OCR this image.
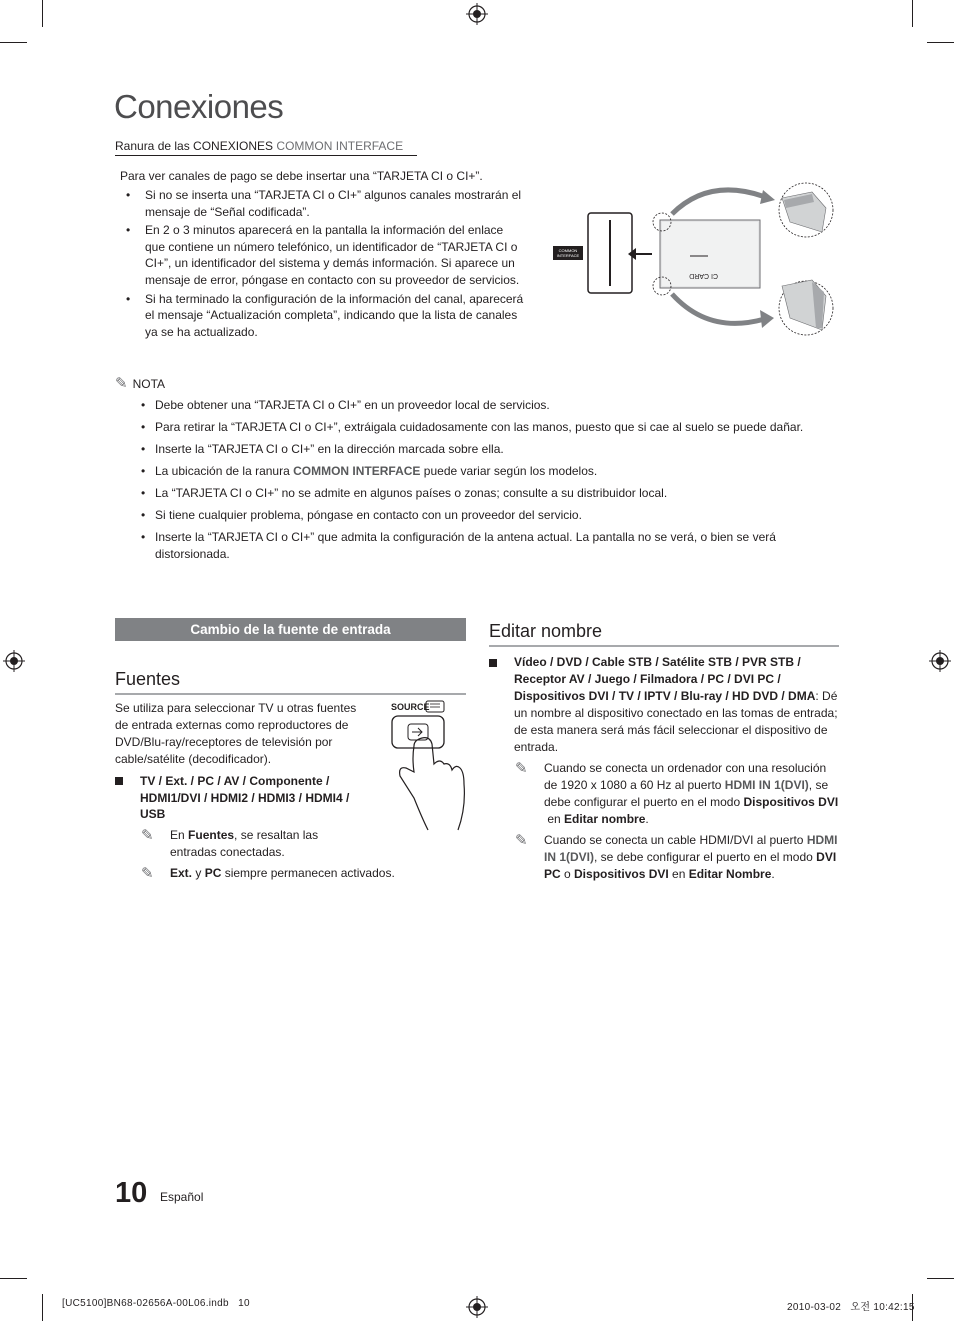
Conexiones
Ranura de las CONEXIONES COMMON INTERFACE

Para ver canales de pago se debe insertar una “TARJETA CI o CI+”.

• Si no se inserta una “TARJETA CI o CI+” algunos canales mostrarán el mensaje de “Señal codificada”.
• En 2 o 3 minutos aparecerá en la pantalla la información del enlace que contiene un número telefónico, un identificador de “TARJETA CI o CI+”, un identificador del sistema y demás información. Si aparece un mensaje de error, póngase en contacto con su proveedor de servicios.
• Si ha terminado la configuración de la información del canal, aparecerá el mensaje “Actualización completa”, indicando que la lista de canales ya se ha actualizado.
COMMON
INTERFACE
CI CARD
✎ NOTA
• Debe obtener una “TARJETA CI o CI+” en un proveedor local de servicios.
• Para retirar la “TARJETA CI o CI+”, extráigala cuidadosamente con las manos, puesto que si cae al suelo se puede dañar.
• Inserte la “TARJETA CI o CI+” en la dirección marcada sobre ella.
• La ubicación de la ranura COMMON INTERFACE puede variar según los modelos.
• La “TARJETA CI o CI+” no se admite en algunos países o zonas; consulte a su distribuidor local.
• Si tiene cualquier problema, póngase en contacto con un proveedor del servicio.
• Inserte la “TARJETA CI o CI+” que admita la configuración de la antena actual. La pantalla no se verá, o bien se verá distorsionada.
Cambio de la fuente de entrada
Fuentes

Se utiliza para seleccionar TV u otras fuentes de entrada externas como reproductores de DVD/Blu-ray/receptores de televisión por cable/satélite (decodificador).

SOURCE
TV / Ext. / PC / AV / Componente / HDMI1/DVI / HDMI2 / HDMI3 / HDMI4 / USB
✎ En Fuentes, se resaltan las entradas conectadas.
✎ Ext. y PC siempre permanecen activados.
Editar nombre
Vídeo / DVD / Cable STB / Satélite STB / PVR STB / Receptor AV / Juego / Filmadora / PC / DVI PC / Dispositivos DVI / TV / IPTV / Blu-ray / HD DVD / DMA: Dé un nombre al dispositivo conectado en las tomas de entrada; de esta manera será más fácil seleccionar el dispositivo de entrada.
✎ Cuando se conecta un ordenador con una resolución de 1920 x 1080 a 60 Hz al puerto HDMI IN 1(DVI), se debe configurar el puerto en el modo Dispositivos DVI en Editar nombre.
✎ Cuando se conecta un cable HDMI/DVI al puerto HDMI IN 1(DVI), se debe configurar el puerto en el modo DVI PC o Dispositivos DVI en Editar Nombre.
10 Español
[UC5100]BN68-02656A-00L06.indb   10	2010-03-02   오전 10:42:15
